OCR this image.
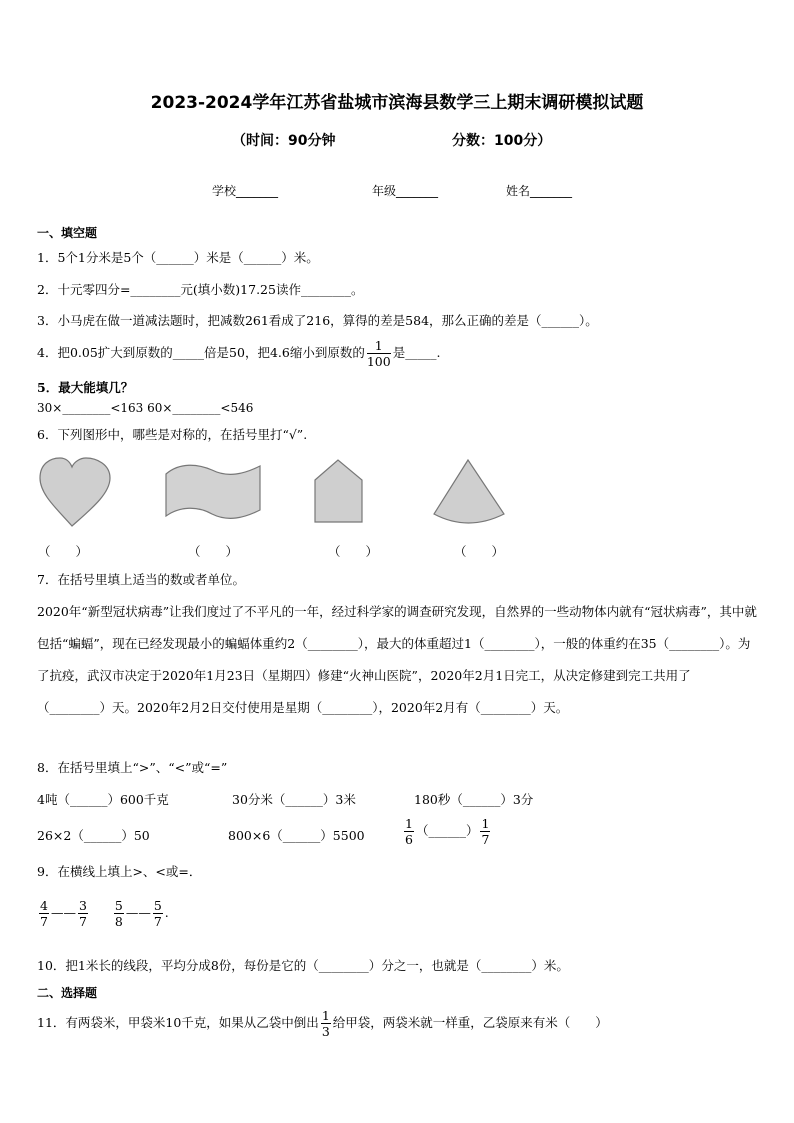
2023-2024学年江苏省盐城市滨海县数学三上期末调研模拟试题
（时间：90分钟	分数：100分）
学校_______	年级_______	姓名_______
一、填空题
1．5个1分米是5个（______）米是（______）米。
2．十元零四分=________元(填小数)17.25读作________。
3．小马虎在做一道减法题时，把减数261看成了216，算得的差是584，那么正确的差是（______）。
4．把0.05扩大到原数的_____倍是50，把4.6缩小到原数的 $\frac{1}{100}$ 是_____.
5．最大能填几？
30×________<163 60×________<546
6．下列图形中，哪些是对称的，在括号里打“√”.
（　　）	（　　）	（　　）	（　　）
7．在括号里填上适当的数或者单位。
2020年“新型冠状病毒”让我们度过了不平凡的一年，经过科学家的调查研究发现，自然界的一些动物体内就有“冠状病毒”，其中就包括“蝙蝠”，现在已经发现最小的蝙蝠体重约2（________），最大的体重超过1（________），一般的体重约在35（________）。为了抗疫，武汉市决定于2020年1月23日（星期四）修建“火神山医院”，2020年2月1日完工，从决定修建到完工共用了（________）天。2020年2月2日交付使用是星期（________），2020年2月有（________）天。
8．在括号里填上“>”、“<”或“=”
4吨（______）600千克	30分米（______）3米	180秒（______）3分
26×2（______）50	800×6（______）5500	$\frac{1}{6}$ （______） $\frac{1}{7}$
9．在横线上填上>、<或=．
$\frac{4}{7}$ —— $\frac{3}{7}$
$\frac{5}{8}$ —— $\frac{5}{7}$ .
10．把1米长的线段，平均分成8份，每份是它的（________）分之一，也就是（________）米。
二、选择题
11．有两袋米，甲袋米10千克，如果从乙袋中倒出 $\frac{1}{3}$ 给甲袋，两袋米就一样重，乙袋原来有米（　　）
